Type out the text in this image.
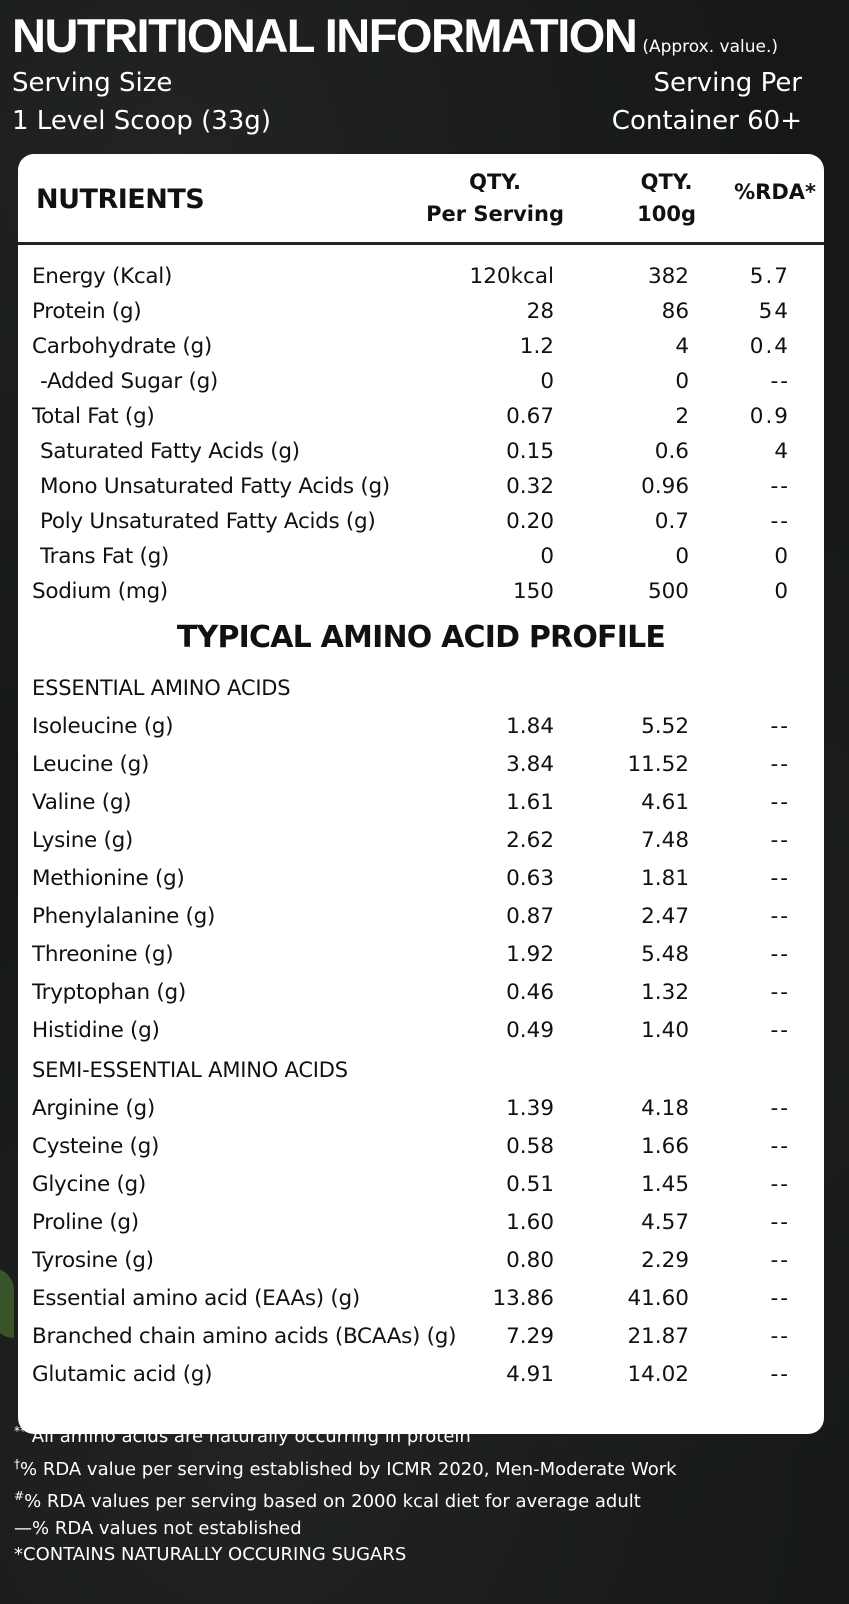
NUTRITIONAL INFORMATION (Approx. value.)
Serving Size
1 Level Scoop (33g)
Serving Per
Container 60+
NUTRIENTS
QTY.
Per Serving
QTY.
100g
%RDA*
Energy (Kcal)	120kcal	382	5.7
Protein (g)	28	86	54
Carbohydrate (g)	1.2	4	0.4
-Added Sugar (g)	0	0	--
Total Fat (g)	0.67	2	0.9
Saturated Fatty Acids (g)	0.15	0.6	4
Mono Unsaturated Fatty Acids (g)	0.32	0.96	--
Poly Unsaturated Fatty Acids (g)	0.20	0.7	--
Trans Fat (g)	0	0	0
Sodium (mg)	150	500	0
TYPICAL AMINO ACID PROFILE
ESSENTIAL AMINO ACIDS
Isoleucine (g)	1.84	5.52	--
Leucine (g)	3.84	11.52	--
Valine (g)	1.61	4.61	--
Lysine (g)	2.62	7.48	--
Methionine (g)	0.63	1.81	--
Phenylalanine (g)	0.87	2.47	--
Threonine (g)	1.92	5.48	--
Tryptophan (g)	0.46	1.32	--
Histidine (g)	0.49	1.40	--
SEMI-ESSENTIAL AMINO ACIDS
Arginine (g)	1.39	4.18	--
Cysteine (g)	0.58	1.66	--
Glycine (g)	0.51	1.45	--
Proline (g)	1.60	4.57	--
Tyrosine (g)	0.80	2.29	--
Essential amino acid (EAAs) (g)	13.86	41.60	--
Branched chain amino acids (BCAAs) (g) 7.29	21.87	--
Glutamic acid (g)	4.91	14.02	--
*Values per serving
** All amino acids are naturally occurring in protein
†% RDA value per serving established by ICMR 2020, Men-Moderate Work
#% RDA values per serving based on 2000 kcal diet for average adult
—% RDA values not established
*CONTAINS NATURALLY OCCURING SUGARS
